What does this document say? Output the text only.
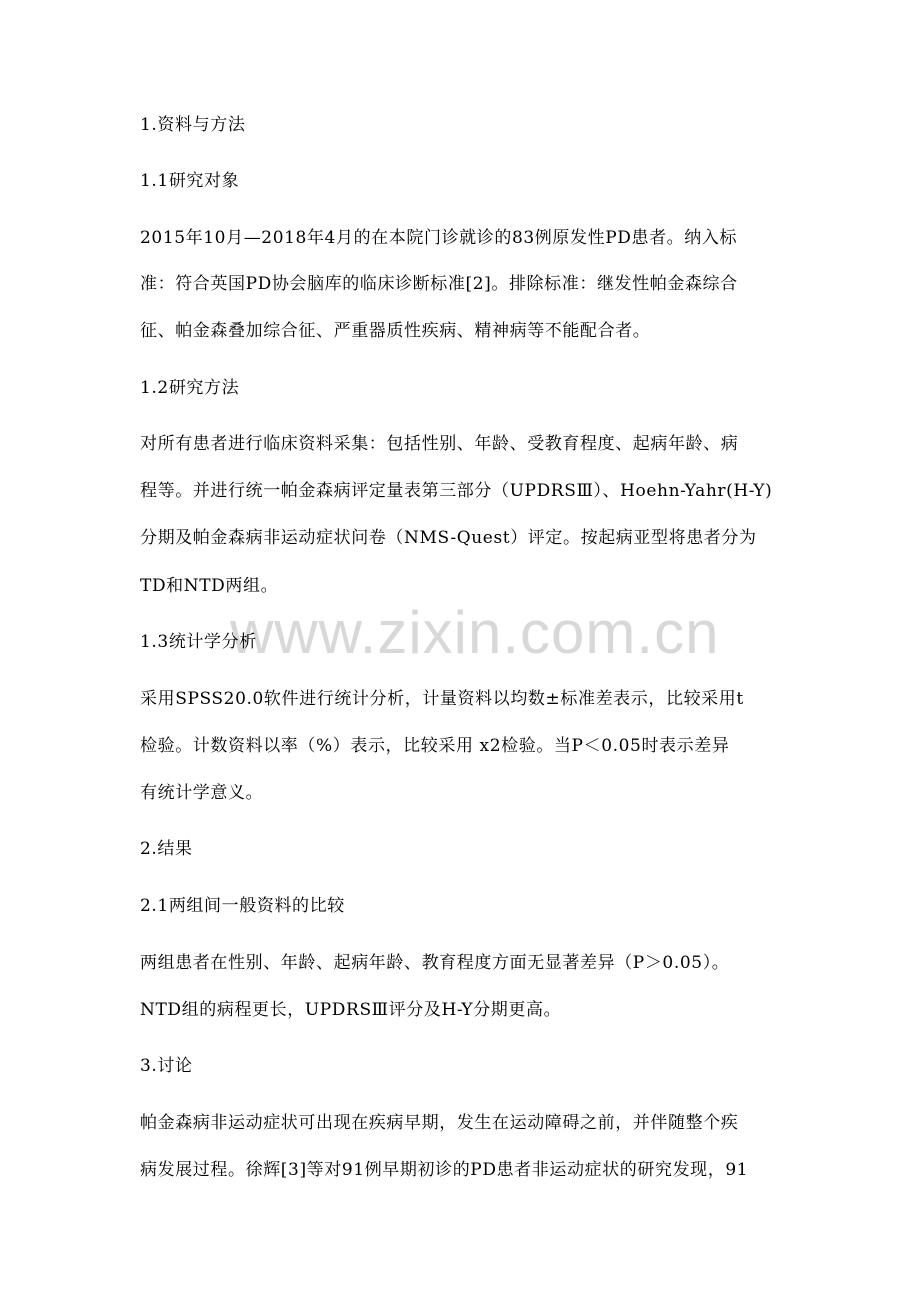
www.zixin.com.cn
1.资料与方法
1.1研究对象
2015年10月—2018年4月的在本院门诊就诊的83例原发性PD患者。纳入标
准：符合英国PD协会脑库的临床诊断标准[2]。排除标准：继发性帕金森综合
征、帕金森叠加综合征、严重器质性疾病、精神病等不能配合者。
1.2研究方法
对所有患者进行临床资料采集：包括性别、年龄、受教育程度、起病年龄、病
程等。并进行统一帕金森病评定量表第三部分（UPDRSⅢ）、Hoehn-Yahr(H-Y)
分期及帕金森病非运动症状问卷（NMS-Quest）评定。按起病亚型将患者分为
TD和NTD两组。
1.3统计学分析
采用SPSS20.0软件进行统计分析，计量资料以均数±标准差表示，比较采用t
检验。计数资料以率（%）表示，比较采用 x2检验。当P＜0.05时表示差异
有统计学意义。
2.结果
2.1两组间一般资料的比较
两组患者在性别、年龄、起病年龄、教育程度方面无显著差异（P＞0.05）。
NTD组的病程更长，UPDRSⅢ评分及H-Y分期更高。
3.讨论
帕金森病非运动症状可出现在疾病早期，发生在运动障碍之前，并伴随整个疾
病发展过程。徐辉[3]等对91例早期初诊的PD患者非运动症状的研究发现，91
